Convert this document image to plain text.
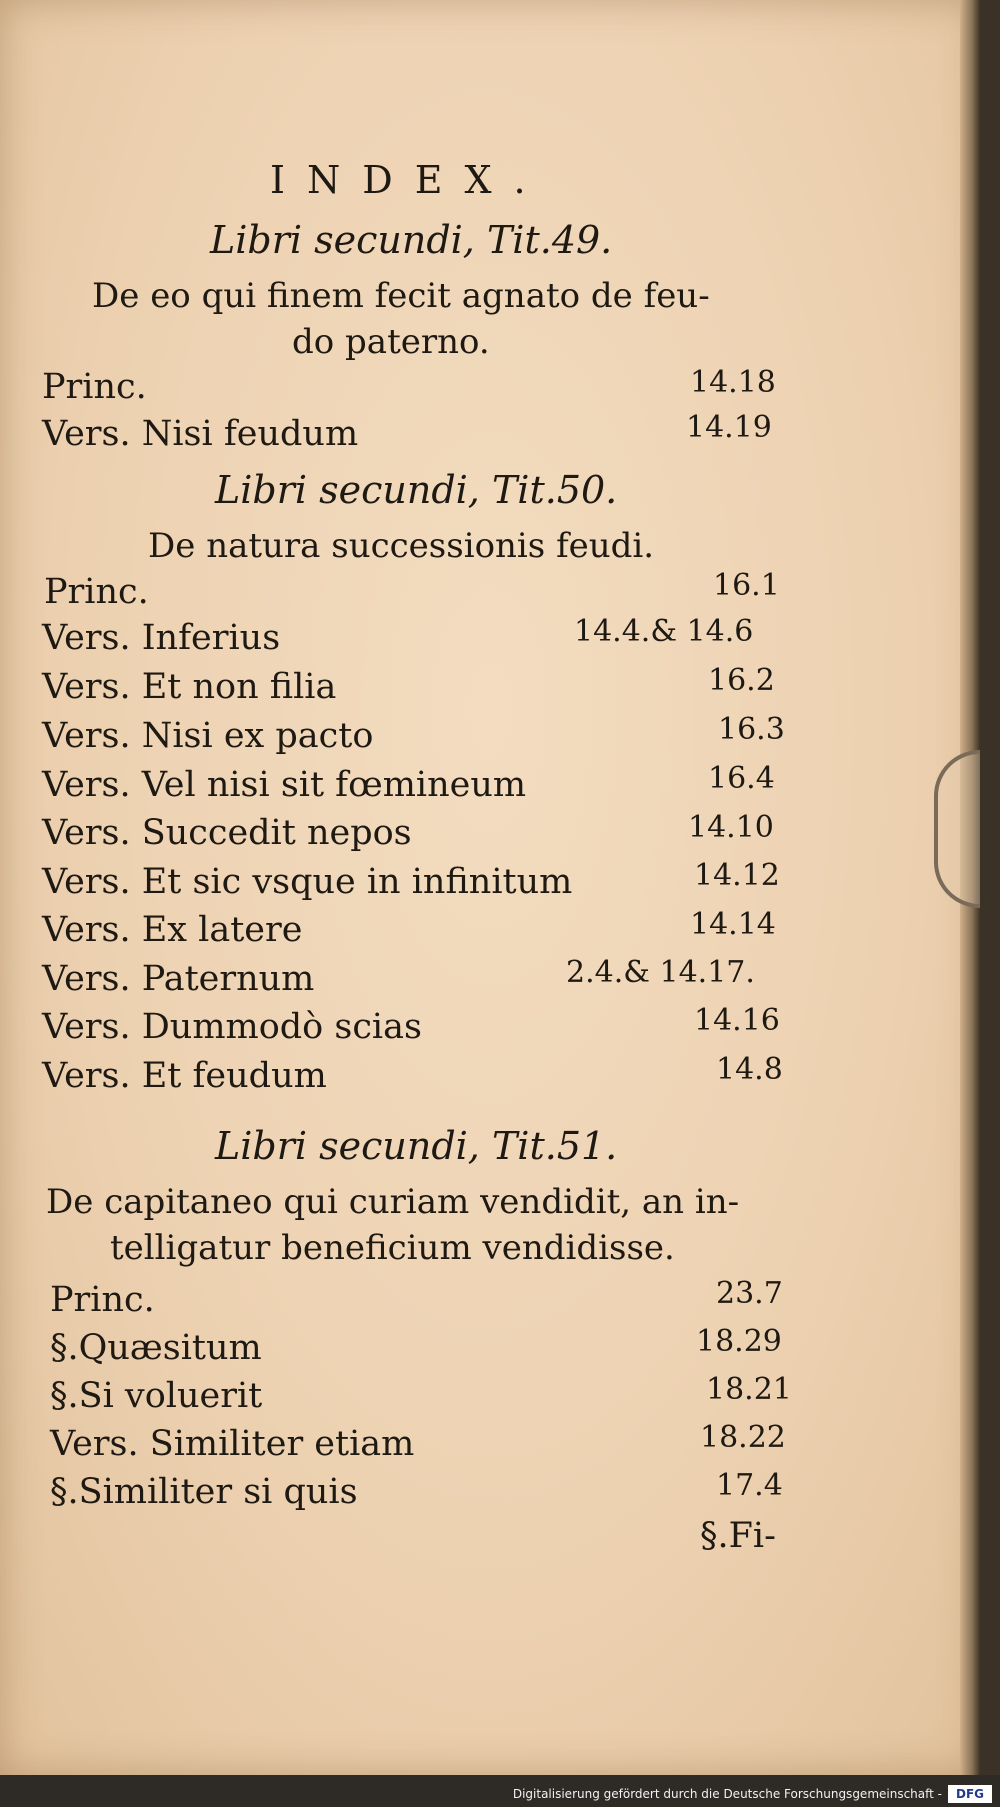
INDEX.
Libri secundi, Tit.49.
De eo qui finem fecit agnato de feu-
do paterno.
Princ.	14.18
Vers. Nisi feudum	14.19
Libri secundi, Tit.50.
De natura successionis feudi.
Princ.	16.1
Vers. Inferius	14.4.& 14.6
Vers. Et non filia	16.2
Vers. Nisi ex pacto	16.3
Vers. Vel nisi sit fœmineum	16.4
Vers. Succedit nepos	14.10
Vers. Et sic vsque in infinitum	14.12
Vers. Ex latere	14.14
Vers. Paternum	2.4.& 14.17.
Vers. Dummodò scias	14.16
Vers. Et feudum	14.8
Libri secundi, Tit.51.
De capitaneo qui curiam vendidit, an in-
telligatur beneficium vendidisse.
Princ.	23.7
§.Quæsitum	18.29
§.Si voluerit	18.21
Vers. Similiter etiam	18.22
§.Similiter si quis	17.4
§.Fi-
Digitalisierung gefördert durch die Deutsche Forschungsgemeinschaft -	DFG
